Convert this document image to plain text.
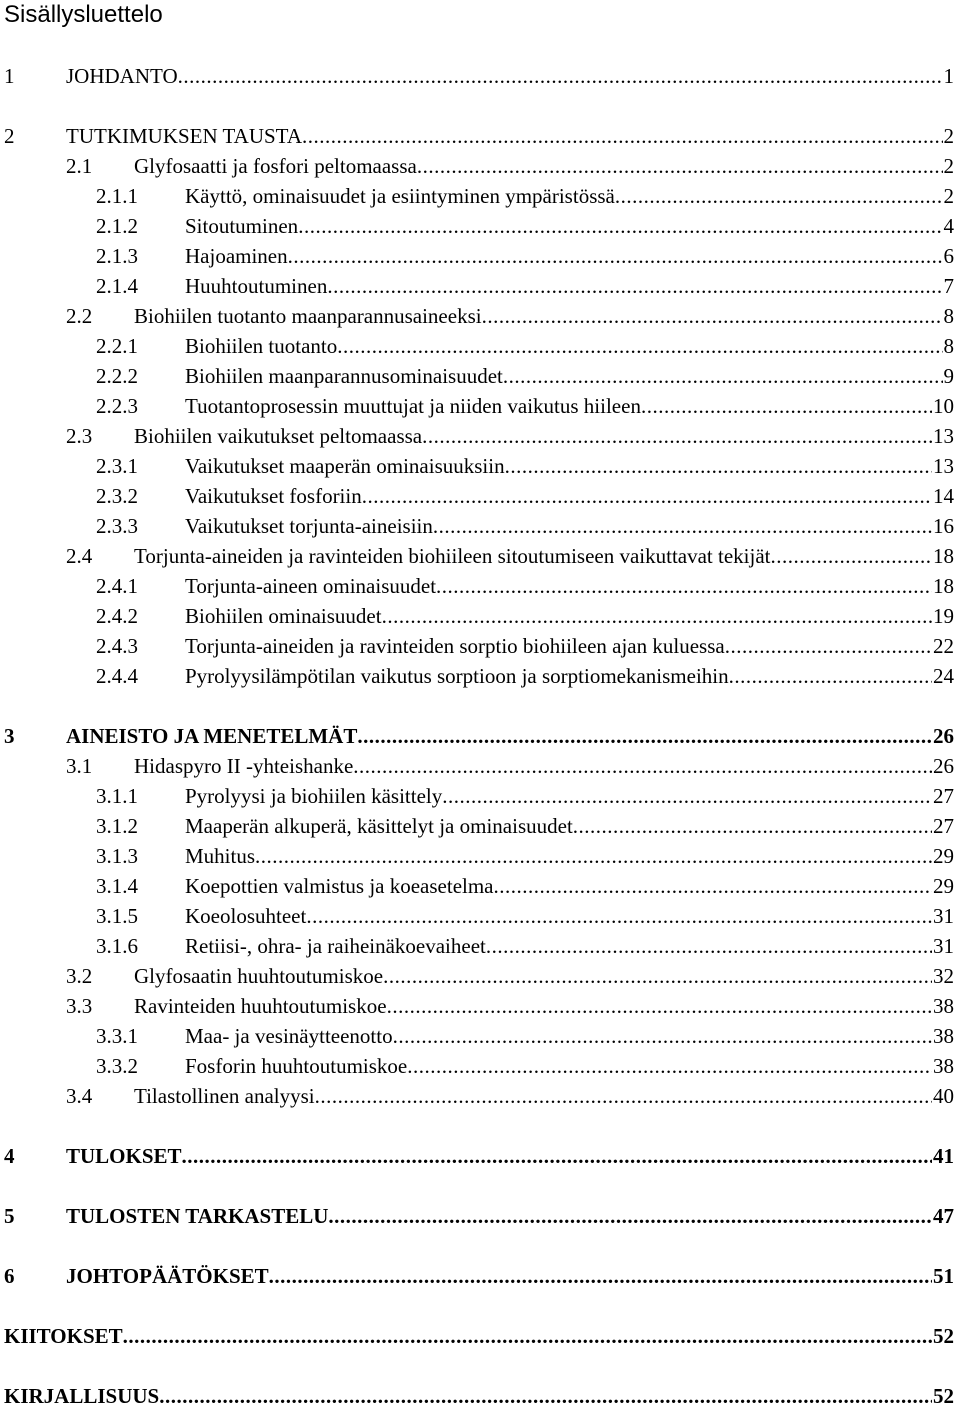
Sisällysluettelo
1 JOHDANTO .....	1
2 TUTKIMUKSEN TAUSTA .....	2
2.1 Glyfosaatti ja fosfori peltomaassa .....	2
2.1.1 Käyttö, ominaisuudet ja esiintyminen ympäristössä .....	2
2.1.2 Sitoutuminen .....	4
2.1.3 Hajoaminen .....	6
2.1.4 Huuhtoutuminen .....	7
2.2 Biohiilen tuotanto maanparannusaineeksi .....	8
2.2.1 Biohiilen tuotanto .....	8
2.2.2 Biohiilen maanparannusominaisuudet .....	9
2.2.3 Tuotantoprosessin muuttujat ja niiden vaikutus hiileen .....	10
2.3 Biohiilen vaikutukset peltomaassa .....	13
2.3.1 Vaikutukset maaperän ominaisuuksiin .....	13
2.3.2 Vaikutukset fosforiin .....	14
2.3.3 Vaikutukset torjunta-aineisiin .....	16
2.4 Torjunta-aineiden ja ravinteiden biohiileen sitoutumiseen vaikuttavat tekijät .....	18
2.4.1 Torjunta-aineen ominaisuudet .....	18
2.4.2 Biohiilen ominaisuudet .....	19
2.4.3 Torjunta-aineiden ja ravinteiden sorptio biohiileen ajan kuluessa .....	22
2.4.4 Pyrolyysilämpötilan vaikutus sorptioon ja sorptiomekanismeihin .....	24
3 AINEISTO JA MENETELMÄT .....	26
3.1 Hidaspyro II -yhteishanke .....	26
3.1.1 Pyrolyysi ja biohiilen käsittely .....	27
3.1.2 Maaperän alkuperä, käsittelyt ja ominaisuudet .....	27
3.1.3 Muhitus .....	29
3.1.4 Koepottien valmistus ja koeasetelma .....	29
3.1.5 Koeolosuhteet .....	31
3.1.6 Retiisi-, ohra- ja raiheinäkoevaiheet .....	31
3.2 Glyfosaatin huuhtoutumiskoe .....	32
3.3 Ravinteiden huuhtoutumiskoe .....	38
3.3.1 Maa- ja vesinäytteenotto .....	38
3.3.2 Fosforin huuhtoutumiskoe .....	38
3.4 Tilastollinen analyysi .....	40
4 TULOKSET .....	41
5 TULOSTEN TARKASTELU .....	47
6 JOHTOPÄÄTÖKSET .....	51
KIITOKSET .....	52
KIRJALLISUUS .....	52
